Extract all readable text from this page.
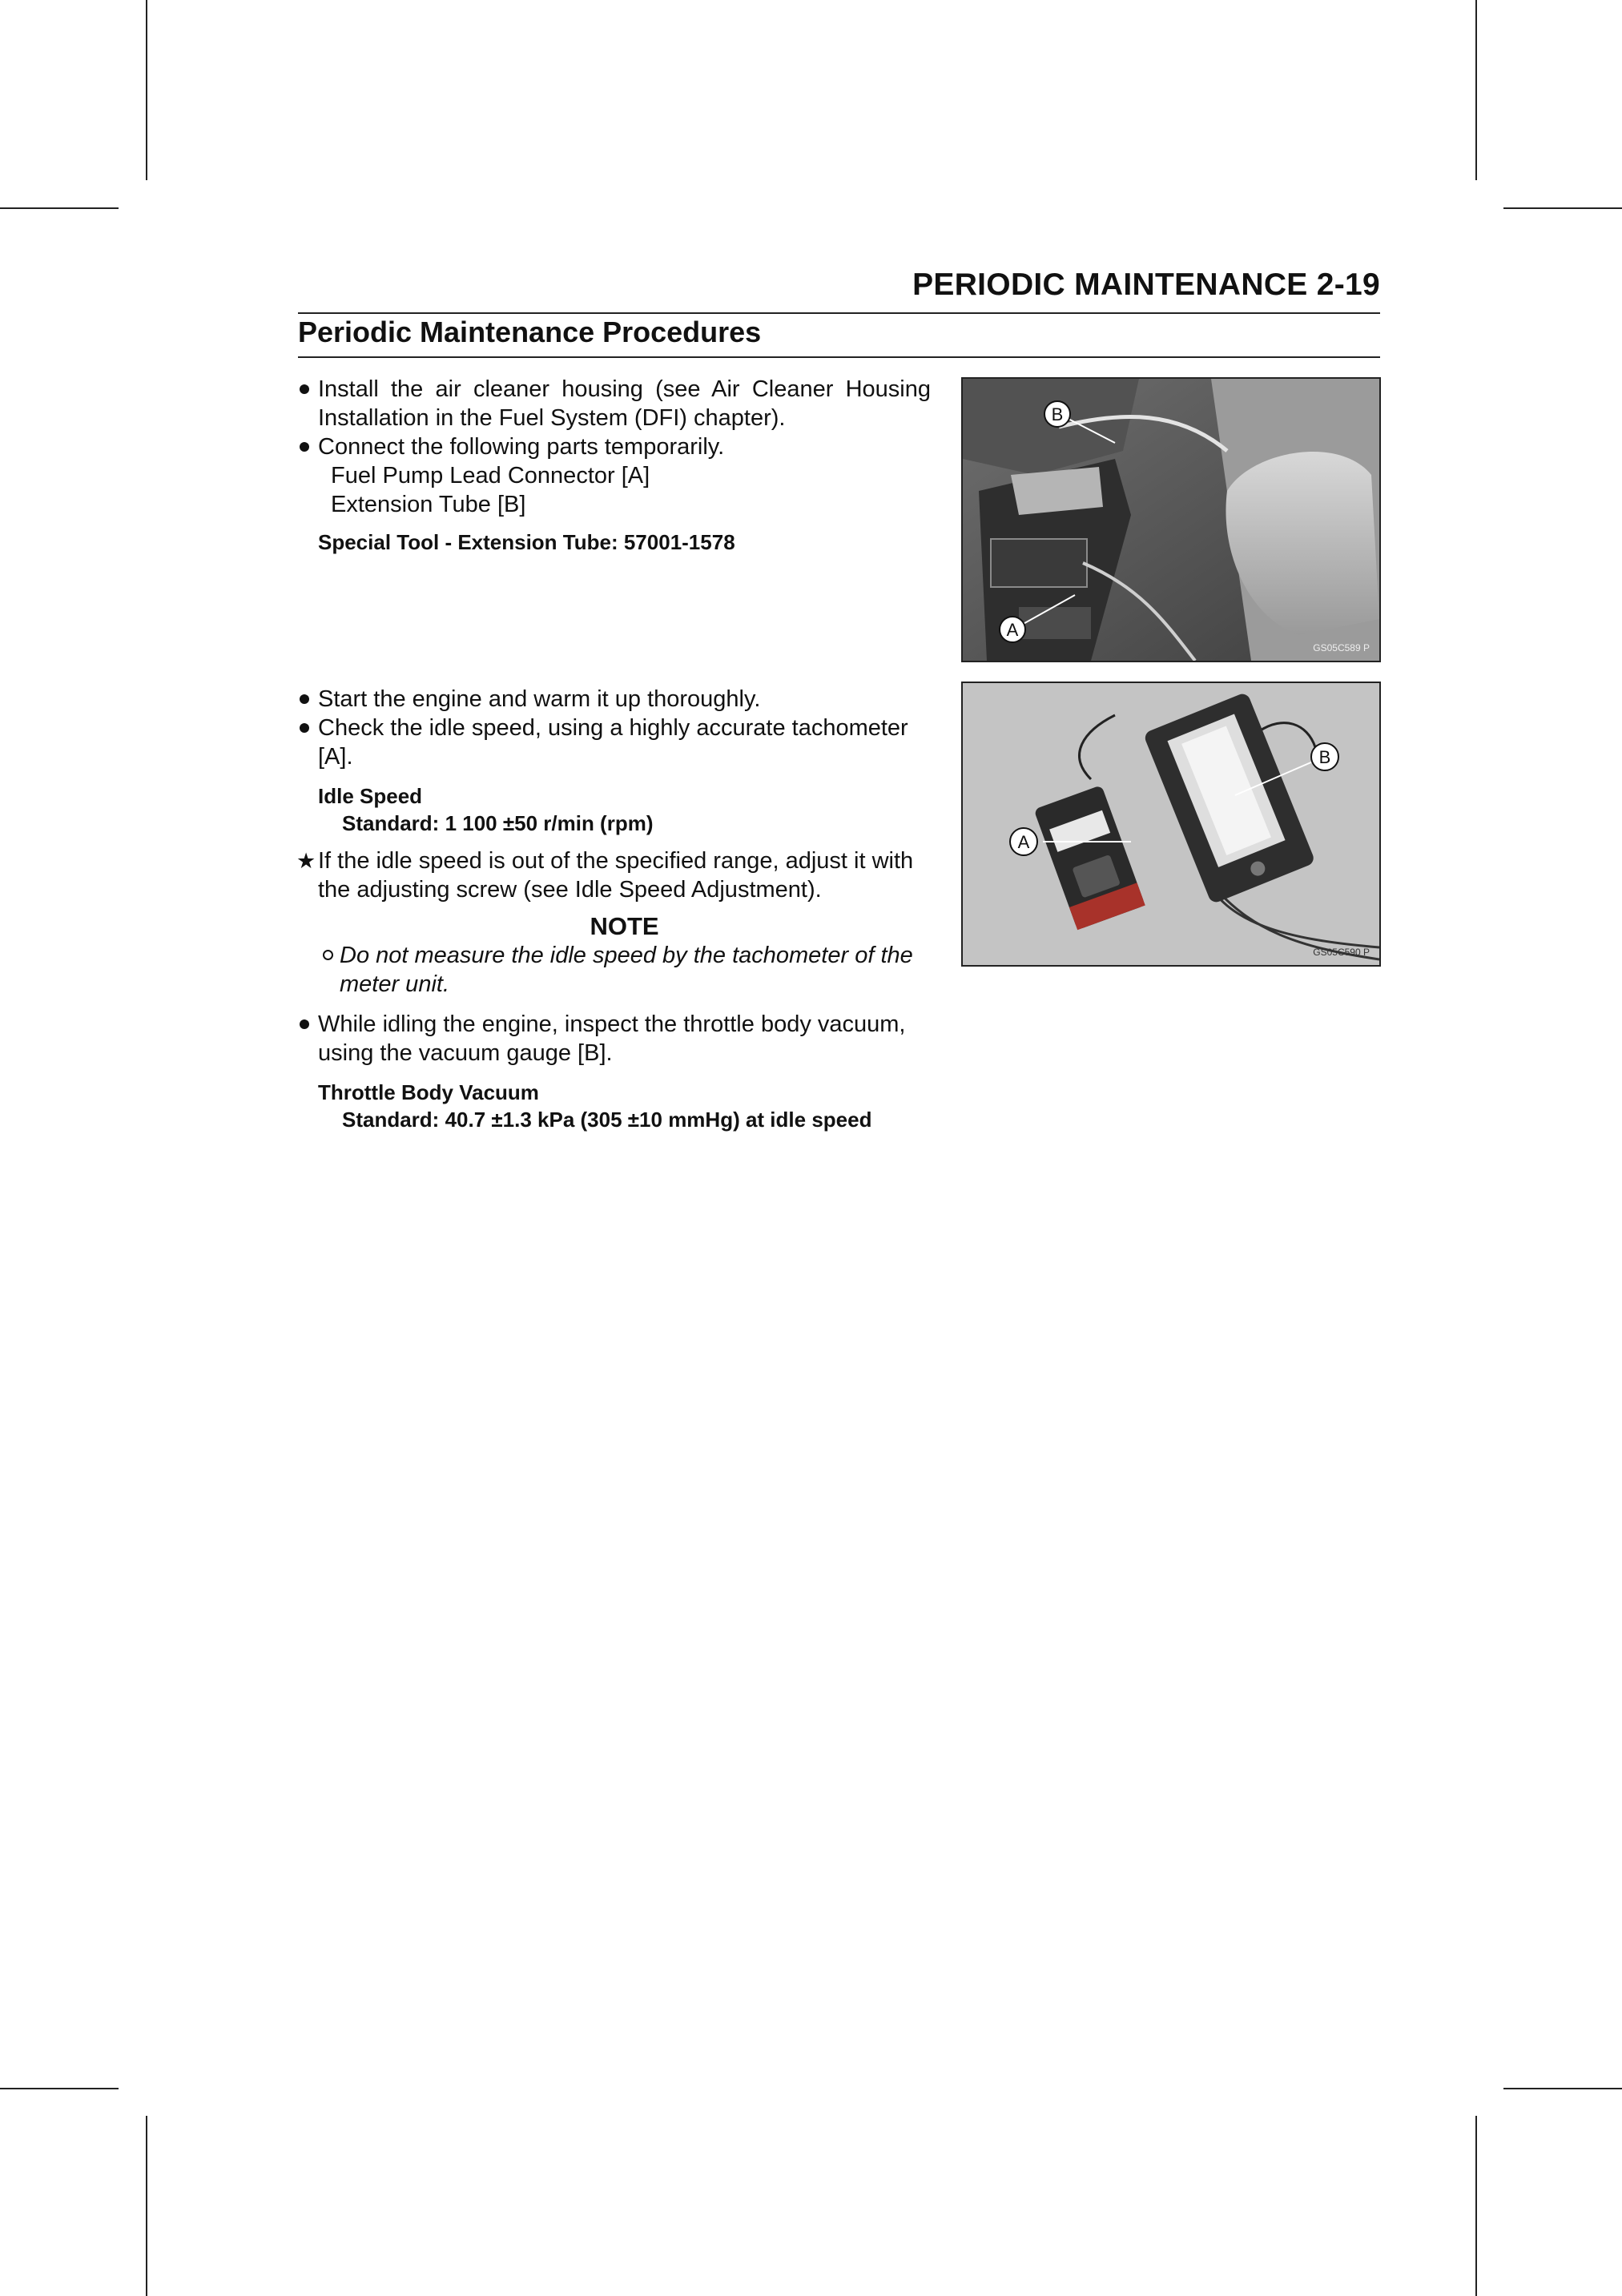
PERIODIC MAINTENANCE 2-19
Periodic Maintenance Procedures

Install the air cleaner housing (see Air Cleaner Housing Installation in the Fuel System (DFI) chapter).

Connect the following parts temporarily.

Fuel Pump Lead Connector [A]

Extension Tube [B]

Special Tool - Extension Tube: 57001-1578
B
A
GS05C589 P

Start the engine and warm it up thoroughly.

Check the idle speed, using a highly accurate tachometer [A].

Idle Speed
Standard: 1 100 ±50 r/min (rpm)

★ If the idle speed is out of the specified range, adjust it with the adjusting screw (see Idle Speed Adjustment).

NOTE

Do not measure the idle speed by the tachometer of the meter unit.

While idling the engine, inspect the throttle body vacuum, using the vacuum gauge [B].

Throttle Body Vacuum
Standard: 40.7 ±1.3 kPa (305 ±10 mmHg) at idle speed
A
B
GS05C590 P
